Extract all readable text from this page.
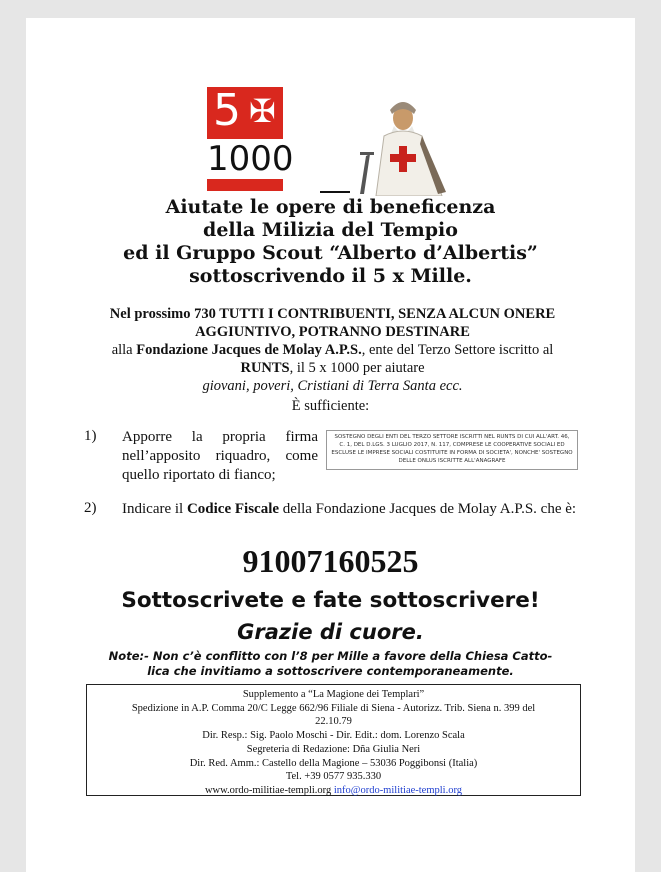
5 ✠
1000
Aiutate le opere di beneficenza
della Milizia del Tempio
ed il Gruppo Scout “Alberto d’Albertis”
sottoscrivendo il 5 x Mille.
Nel prossimo 730 TUTTI I CONTRIBUENTI, SENZA ALCUN ONERE
AGGIUNTIVO, POTRANNO DESTINARE
alla Fondazione Jacques de Molay A.P.S., ente del Terzo Settore iscritto al
RUNTS, il 5 x 1000 per aiutare
giovani, poveri, Cristiani di Terra Santa ecc.
È sufficiente:
1) Apporre la propria firma nell’apposito riquadro, come quello riportato di fianco;
SOSTEGNO DEGLI ENTI DEL TERZO SETTORE ISCRITTI NEL RUNTS DI CUI ALL'ART. 46, C. 1, DEL D.LGS. 3 LUGLIO 2017, N. 117, COMPRESE LE COOPERATIVE SOCIALI ED ESCLUSE LE IMPRESE SOCIALI COSTITUITE IN FORMA DI SOCIETA', NONCHE' SOSTEGNO DELLE ONLUS ISCRITTE ALL'ANAGRAFE
2) Indicare il Codice Fiscale della Fondazione Jacques de Molay A.P.S. che è:
91007160525
Sottoscrivete e fate sottoscrivere!
Grazie di cuore.
Note:- Non c’è conflitto con l’8 per Mille a favore della Chiesa Catto-
lica che invitiamo a sottoscrivere contemporaneamente.
Supplemento a “La Magione dei Templari”
Spedizione in A.P. Comma 20/C Legge 662/96 Filiale di Siena - Autorizz. Trib. Siena n. 399 del
22.10.79
Dir. Resp.: Sig. Paolo Moschi - Dir. Edit.: dom. Lorenzo Scala
Segreteria di Redazione: Dña Giulia Neri
Dir. Red. Amm.: Castello della Magione – 53036 Poggibonsi (Italia)
Tel. +39 0577 935.330
www.ordo-militiae-templi.org info@ordo-militiae-templi.org
